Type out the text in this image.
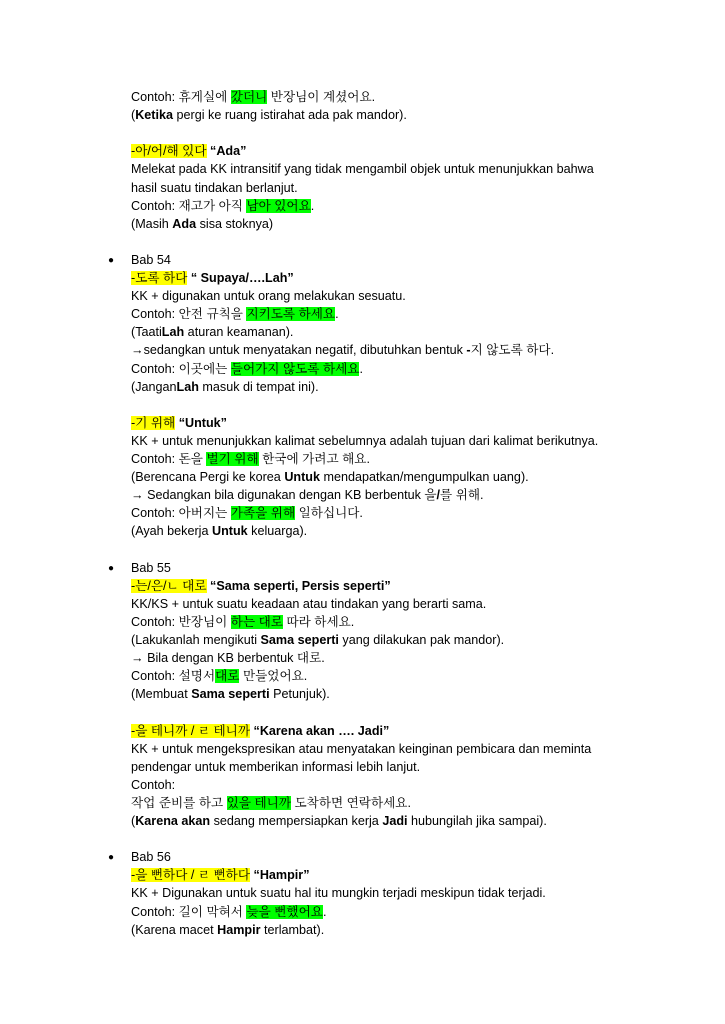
Contoh: 휴게실에 갔더니 반장님이 계셨어요.
(Ketika pergi ke ruang istirahat ada pak mandor).
-아/어/해 있다 “Ada”
Melekat pada KK intransitif yang tidak mengambil objek untuk menunjukkan bahwa
hasil suatu tindakan berlanjut.
Contoh: 재고가 아직 남아 있어요.
(Masih Ada sisa stoknya)
● Bab 54
-도록 하다 “ Supaya/….Lah”
KK + digunakan untuk orang melakukan sesuatu.
Contoh: 안전 규칙을 지키도록 하세요.
(TaatiLah aturan keamanan).
→sedangkan untuk menyatakan negatif, dibutuhkan bentuk -지 않도록 하다.
Contoh: 이곳에는 들어가지 않도록 하세요.
(JanganLah masuk di tempat ini).
-기 위해 “Untuk”
KK + untuk menunjukkan kalimat sebelumnya adalah tujuan dari kalimat berikutnya.
Contoh: 돈을 벌기 위해 한국에 가려고 해요.
(Berencana Pergi ke korea Untuk mendapatkan/mengumpulkan uang).
→ Sedangkan bila digunakan dengan KB berbentuk 을/를 위해.
Contoh: 아버지는 가족을 위해 일하십니다.
(Ayah bekerja Untuk keluarga).
● Bab 55
-는/은/ㄴ 대로 “Sama seperti, Persis seperti”
KK/KS + untuk suatu keadaan atau tindakan yang berarti sama.
Contoh: 반장님이 하는 대로 따라 하세요.
(Lakukanlah mengikuti Sama seperti yang dilakukan pak mandor).
→ Bila dengan KB berbentuk 대로.
Contoh: 설명서대로 만들었어요.
(Membuat Sama seperti Petunjuk).
-을 테니까 / ㄹ 테니까 “Karena akan …. Jadi”
KK + untuk mengekspresikan atau menyatakan keinginan pembicara dan meminta
pendengar untuk memberikan informasi lebih lanjut.
Contoh:
작업 준비를 하고 있을 테니까 도착하면 연락하세요.
(Karena akan sedang mempersiapkan kerja Jadi hubungilah jika sampai).
● Bab 56
-을 뻔하다 / ㄹ 뻔하다 “Hampir”
KK + Digunakan untuk suatu hal itu mungkin terjadi meskipun tidak terjadi.
Contoh: 길이 막혀서 늦을 뻔했어요.
(Karena macet Hampir terlambat).
